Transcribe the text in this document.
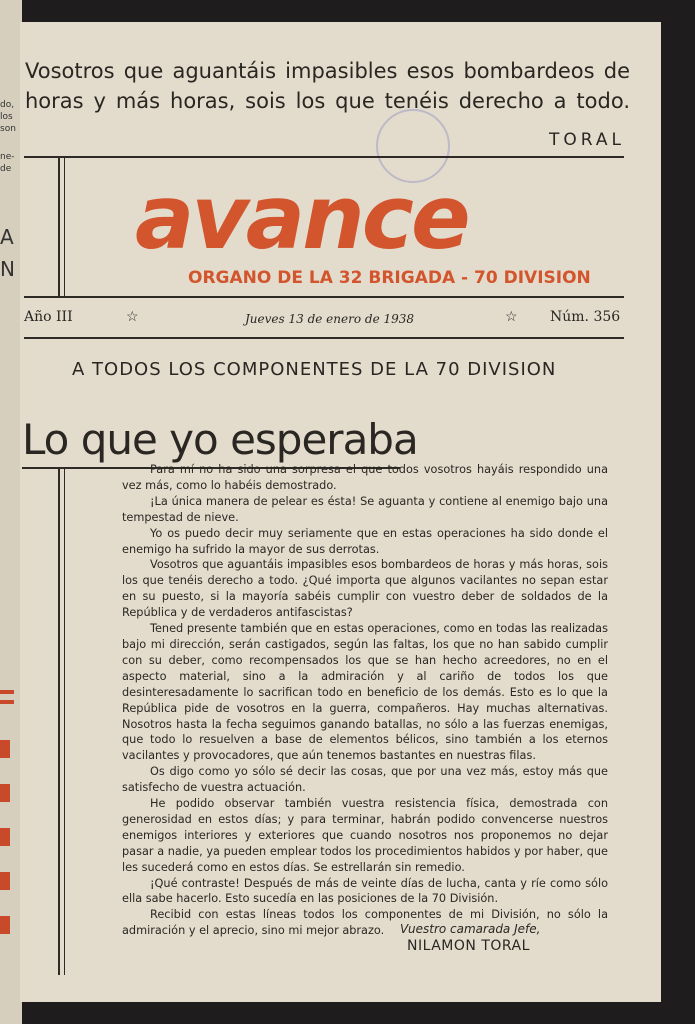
do,
los
son
ne-
de
A
N
Vosotros que aguantáis impasibles esos bombardeos de horas y más horas, sois los que tenéis derecho a todo.
TORAL
avance
ORGANO DE LA 32 BRIGADA - 70 DIVISION
Año III	☆	Jueves 13 de enero de 1938	☆ Núm. 356
A TODOS LOS COMPONENTES DE LA 70 DIVISION
Lo que yo esperaba

Para mí no ha sido una sorpresa el que todos vosotros hayáis respondido una vez más, como lo habéis demostrado.

¡La única manera de pelear es ésta! Se aguanta y contiene al enemigo bajo una tempestad de nieve.

Yo os puedo decir muy seriamente que en estas operaciones ha sido donde el enemigo ha sufrido la mayor de sus derrotas.

Vosotros que aguantáis impasibles esos bombardeos de horas y más horas, sois los que tenéis derecho a todo. ¿Qué importa que algunos vacilantes no sepan estar en su puesto, si la mayoría sabéis cumplir con vuestro deber de soldados de la República y de verdaderos antifascistas?

Tened presente también que en estas operaciones, como en todas las realizadas bajo mi dirección, serán castigados, según las faltas, los que no han sabido cumplir con su deber, como recompensados los que se han hecho acreedores, no en el aspecto material, sino a la admiración y al cariño de todos los que desinteresadamente lo sacrifican todo en beneficio de los demás. Esto es lo que la República pide de vosotros en la guerra, compañeros. Hay muchas alternativas. Nosotros hasta la fecha seguimos ganando batallas, no sólo a las fuerzas enemigas, que todo lo resuelven a base de elementos bélicos, sino también a los eternos vacilantes y provocadores, que aún tenemos bastantes en nuestras filas.

Os digo como yo sólo sé decir las cosas, que por una vez más, estoy más que satisfecho de vuestra actuación.

He podido observar también vuestra resistencia física, demostrada con generosidad en estos días; y para terminar, habrán podido convencerse nuestros enemigos interiores y exteriores que cuando nosotros nos proponemos no dejar pasar a nadie, ya pueden emplear todos los procedimientos habidos y por haber, que les sucederá como en estos días. Se estrellarán sin remedio.

¡Qué contraste! Después de más de veinte días de lucha, canta y ríe como sólo ella sabe hacerlo. Esto sucedía en las posiciones de la 70 División.

Recibid con estas líneas todos los componentes de mi División, no sólo la admiración y el aprecio, sino mi mejor abrazo.	Vuestro camarada Jefe,
NILAMON TORAL
